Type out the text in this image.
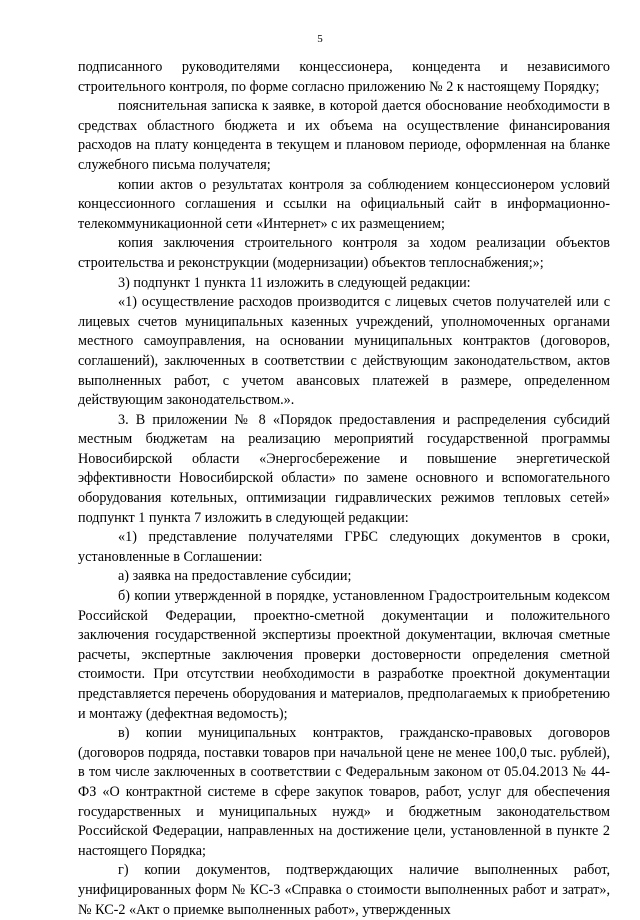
5

подписанного руководителями концессионера, концедента и независимого строительного контроля, по форме согласно приложению № 2 к настоящему Порядку;

пояснительная записка к заявке, в которой дается обоснование необходимости в средствах областного бюджета и их объема на осуществление финансирования расходов на плату концедента в текущем и плановом периоде, оформленная на бланке служебного письма получателя;

копии актов о результатах контроля за соблюдением концессионером условий концессионного соглашения и ссылки на официальный сайт в информационно-телекоммуникационной сети «Интернет» с их размещением;

копия заключения строительного контроля за ходом реализации объектов строительства и реконструкции (модернизации) объектов теплоснабжения;»;

3) подпункт 1 пункта 11 изложить в следующей редакции:

«1) осуществление расходов производится с лицевых счетов получателей или с лицевых счетов муниципальных казенных учреждений, уполномоченных органами местного самоуправления, на основании муниципальных контрактов (договоров, соглашений), заключенных в соответствии с действующим законодательством, актов выполненных работ, с учетом авансовых платежей в размере, определенном действующим законодательством.».

3. В приложении № 8 «Порядок предоставления и распределения субсидий местным бюджетам на реализацию мероприятий государственной программы Новосибирской области «Энергосбережение и повышение энергетической эффективности Новосибирской области» по замене основного и вспомогательного оборудования котельных, оптимизации гидравлических режимов тепловых сетей» подпункт 1 пункта 7 изложить в следующей редакции:

«1) представление получателями ГРБС следующих документов в сроки, установленные в Соглашении:

а) заявка на предоставление субсидии;

б) копии утвержденной в порядке, установленном Градостроительным кодексом Российской Федерации, проектно-сметной документации и положительного заключения государственной экспертизы проектной документации, включая сметные расчеты, экспертные заключения проверки достоверности определения сметной стоимости. При отсутствии необходимости в разработке проектной документации представляется перечень оборудования и материалов, предполагаемых к приобретению и монтажу (дефектная ведомость);

в) копии муниципальных контрактов, гражданско-правовых договоров (договоров подряда, поставки товаров при начальной цене не менее 100,0 тыс. рублей), в том числе заключенных в соответствии с Федеральным законом от 05.04.2013 № 44-ФЗ «О контрактной системе в сфере закупок товаров, работ, услуг для обеспечения государственных и муниципальных нужд» и бюджетным законодательством Российской Федерации, направленных на достижение цели, установленной в пункте 2 настоящего Порядка;

г) копии документов, подтверждающих наличие выполненных работ, унифицированных форм № КС-3 «Справка о стоимости выполненных работ и затрат», № КС-2 «Акт о приемке выполненных работ», утвержденных
